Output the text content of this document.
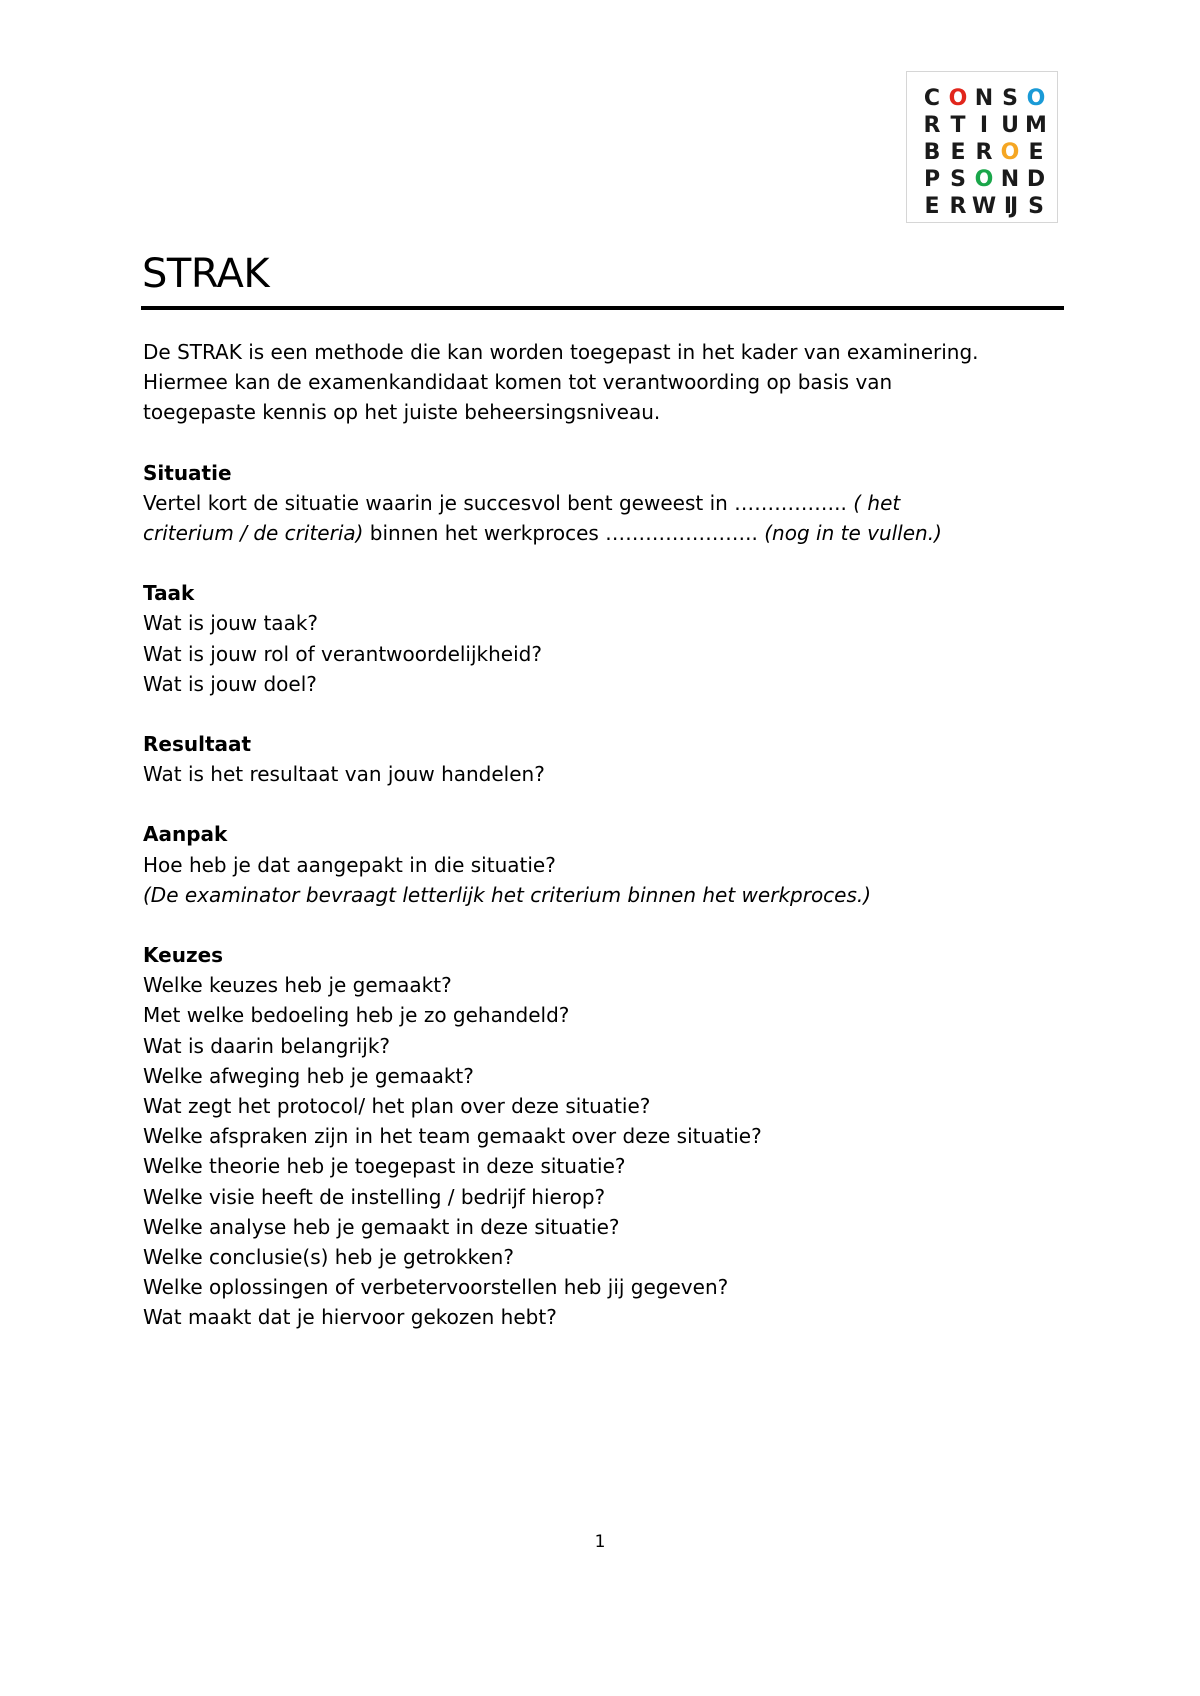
C O N S O
R T I U M
B E R O E
P S O N D
E R W IJ S
STRAK

De STRAK is een methode die kan worden toegepast in het kader van examinering.

Hiermee kan de examenkandidaat komen tot verantwoording op basis van

toegepaste kennis op het juiste beheersingsniveau.

Situatie

Vertel kort de situatie waarin je succesvol bent geweest in …………….. ( het

criterium / de criteria) binnen het werkproces ………………….. (nog in te vullen.)

Taak

Wat is jouw taak?

Wat is jouw rol of verantwoordelijkheid?

Wat is jouw doel?

Resultaat

Wat is het resultaat van jouw handelen?

Aanpak

Hoe heb je dat aangepakt in die situatie?

(De examinator bevraagt letterlijk het criterium binnen het werkproces.)

Keuzes

Welke keuzes heb je gemaakt?

Met welke bedoeling heb je zo gehandeld?

Wat is daarin belangrijk?

Welke afweging heb je gemaakt?

Wat zegt het protocol/ het plan over deze situatie?

Welke afspraken zijn in het team gemaakt over deze situatie?

Welke theorie heb je toegepast in deze situatie?

Welke visie heeft de instelling / bedrijf hierop?

Welke analyse heb je gemaakt in deze situatie?

Welke conclusie(s) heb je getrokken?

Welke oplossingen of verbetervoorstellen heb jij gegeven?

Wat maakt dat je hiervoor gekozen hebt?

1
